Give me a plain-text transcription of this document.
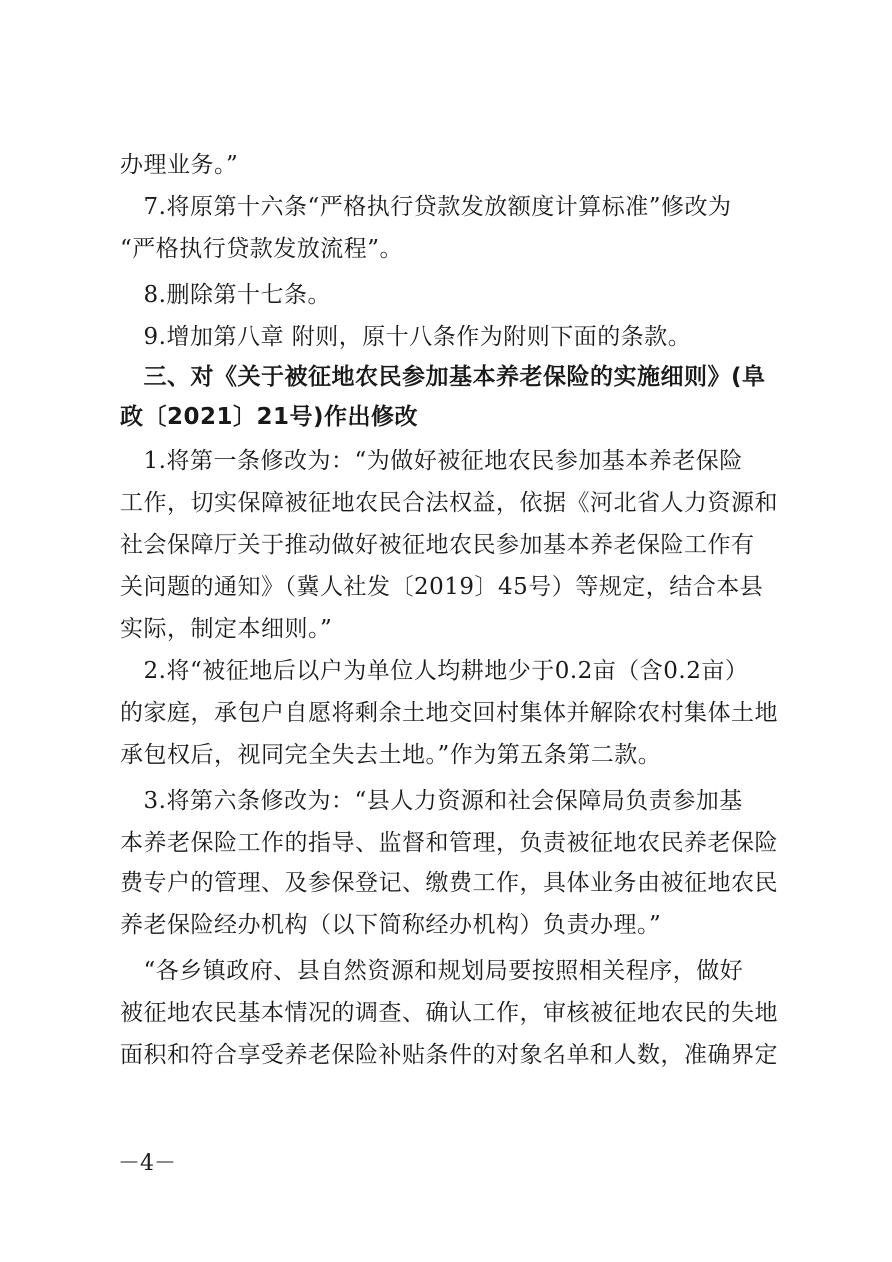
办理业务。”
　7.将原第十六条“严格执行贷款发放额度计算标准”修改为
“严格执行贷款发放流程”。
　8.删除第十七条。
　9.增加第八章 附则，原十八条作为附则下面的条款。
　三、对《关于被征地农民参加基本养老保险的实施细则》(阜
政〔2021〕21号)作出修改
　1.将第一条修改为：“为做好被征地农民参加基本养老保险
工作，切实保障被征地农民合法权益，依据《河北省人力资源和
社会保障厅关于推动做好被征地农民参加基本养老保险工作有
关问题的通知》（冀人社发〔2019〕45号）等规定，结合本县
实际，制定本细则。”
　2.将“被征地后以户为单位人均耕地少于0.2亩（含0.2亩）
的家庭，承包户自愿将剩余土地交回村集体并解除农村集体土地
承包权后，视同完全失去土地。”作为第五条第二款。
　3.将第六条修改为：“县人力资源和社会保障局负责参加基
本养老保险工作的指导、监督和管理，负责被征地农民养老保险
费专户的管理、及参保登记、缴费工作，具体业务由被征地农民
养老保险经办机构（以下简称经办机构）负责办理。”
　“各乡镇政府、县自然资源和规划局要按照相关程序，做好
被征地农民基本情况的调查、确认工作，审核被征地农民的失地
面积和符合享受养老保险补贴条件的对象名单和人数，准确界定
－4－
